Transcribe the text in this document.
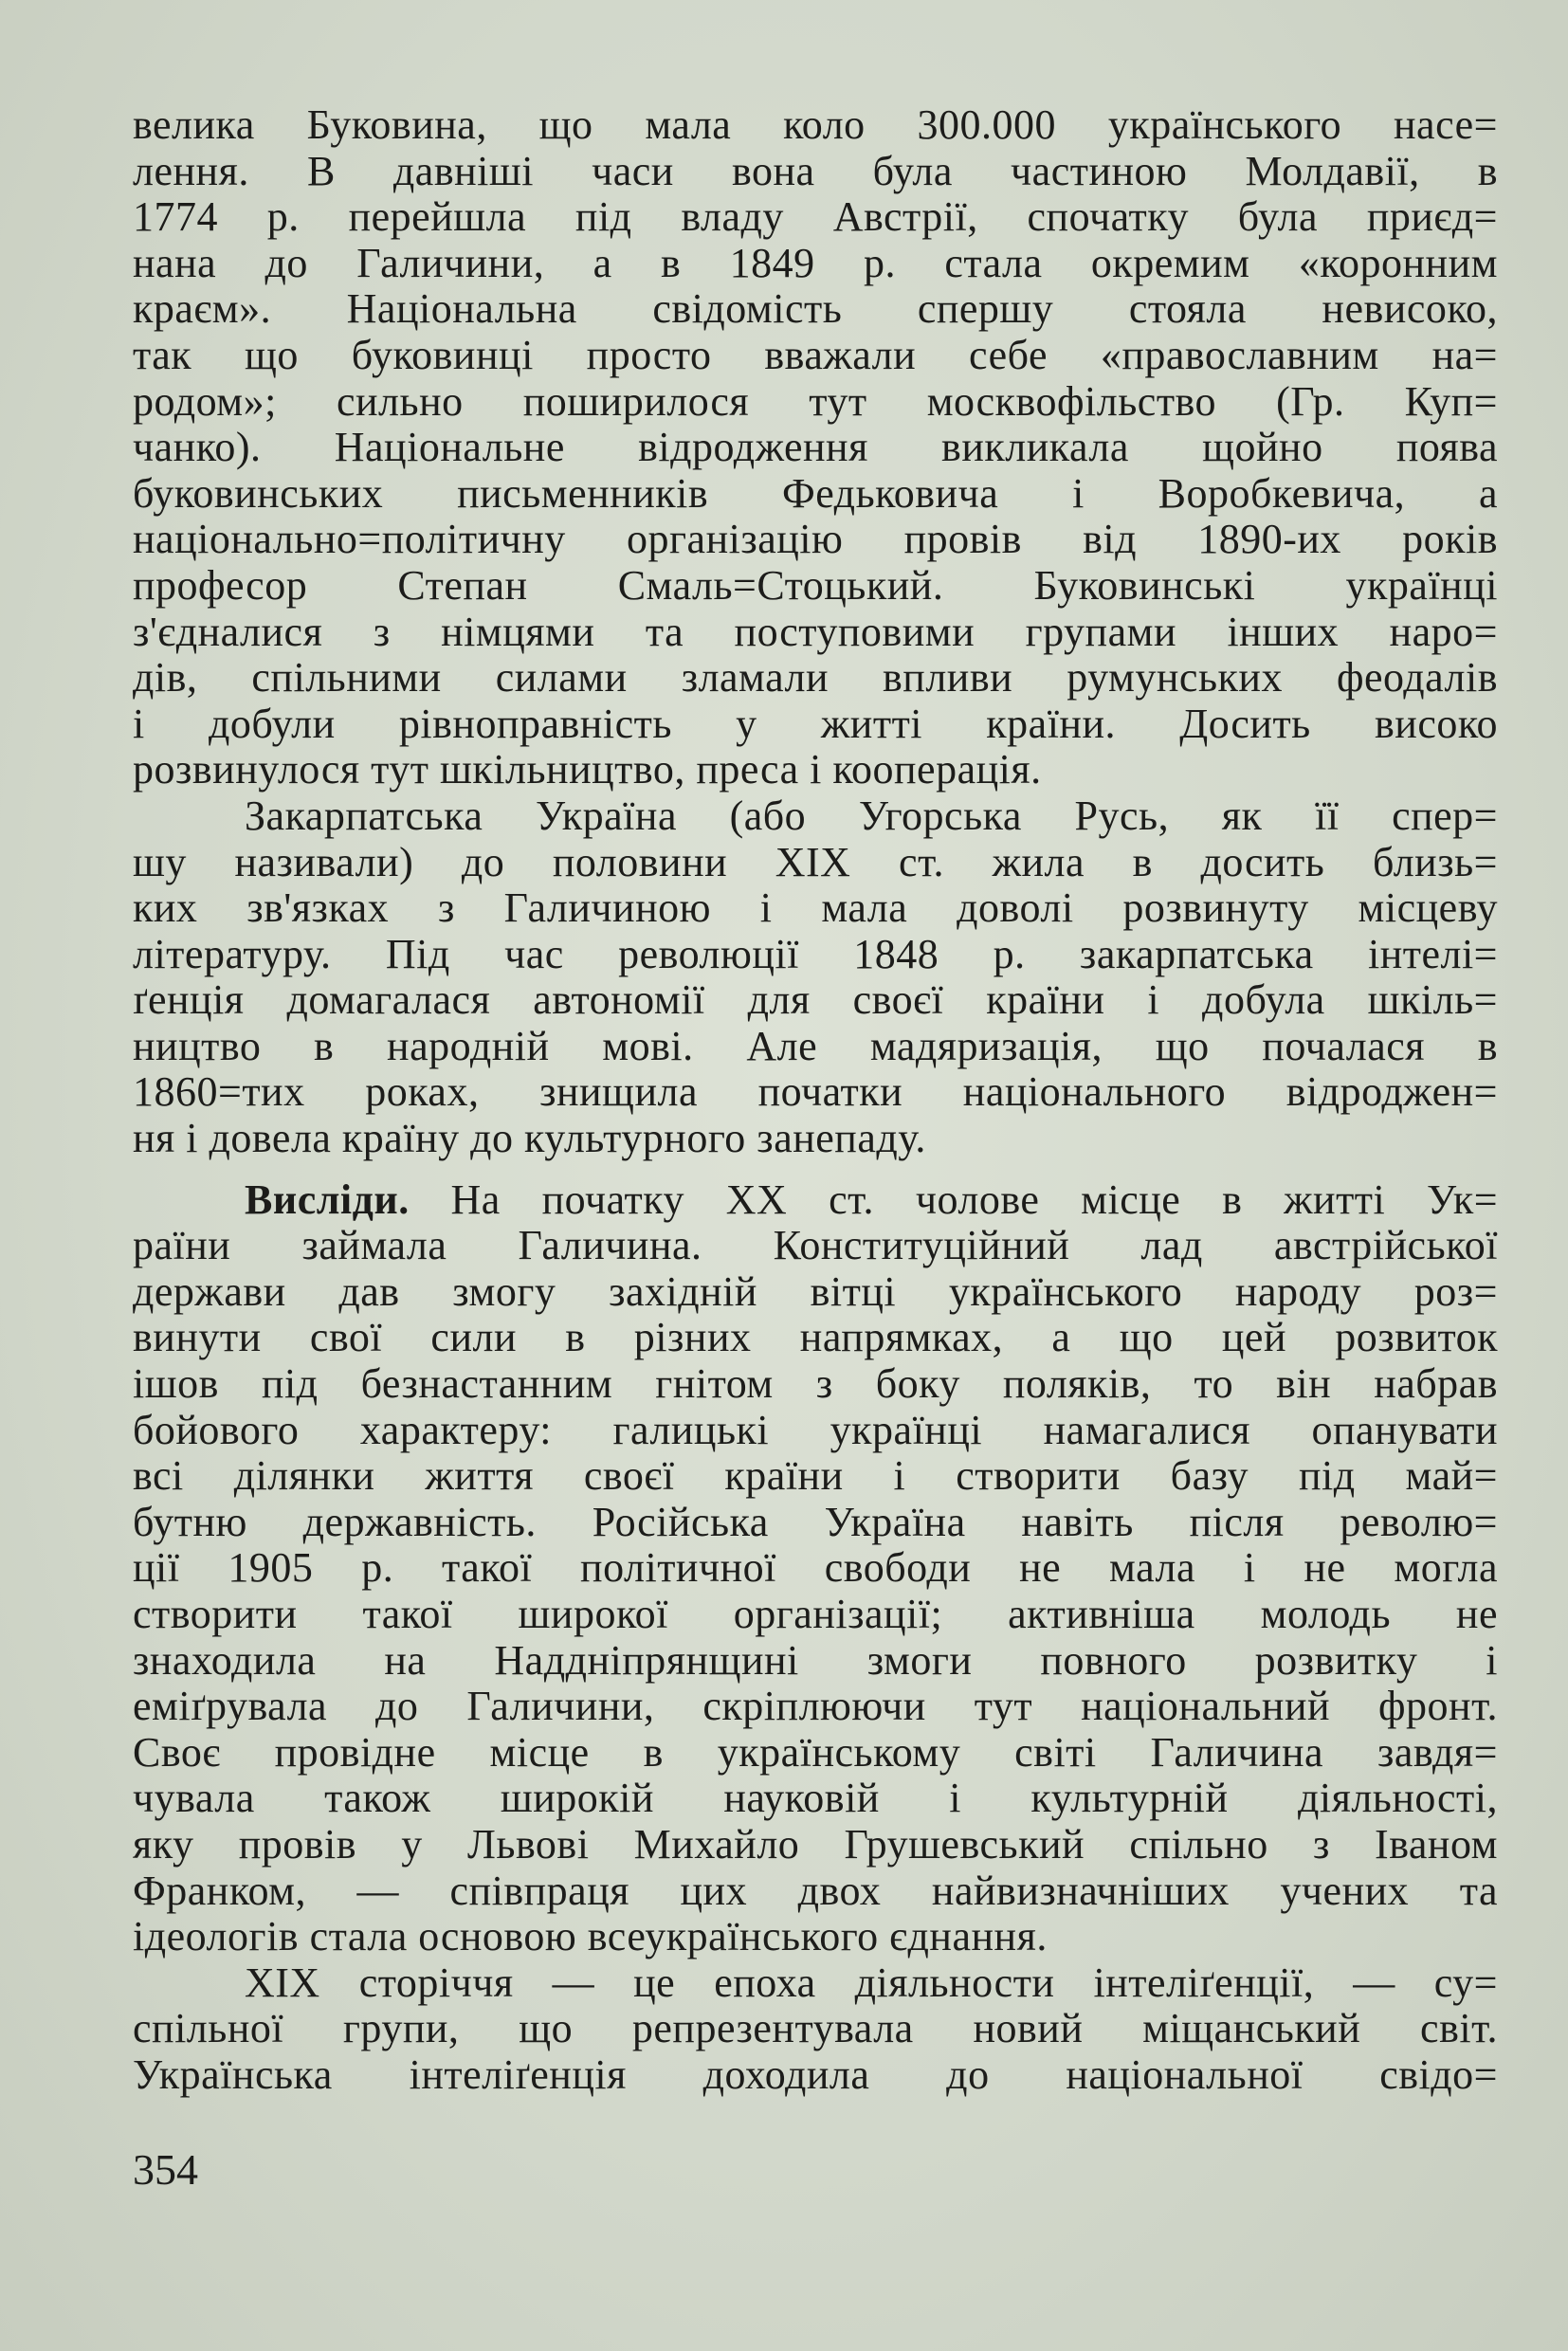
велика Буковина, що мала коло 300.000 українського насе=
лення. В давніші часи вона була частиною Молдавії, в
1774 р. перейшла під владу Австрії, спочатку була приєд=
нана до Галичини, а в 1849 р. стала окремим «коронним
краєм». Національна свідомість спершу стояла невисоко,
так що буковинці просто вважали себе «православним на=
родом»; сильно поширилося тут москвофільство (Гр. Куп=
чанко). Національне відродження викликала щойно поява
буковинських письменників Федьковича і Воробкевича, а
національно=політичну організацію провів від 1890-их років
професор Степан Смаль=Стоцький. Буковинські українці
з'єдналися з німцями та поступовими групами інших наро=
дів, спільними силами зламали впливи румунських феодалів
і добули рівноправність у житті країни. Досить високо
розвинулося тут шкільництво, преса і кооперація.
Закарпатська Україна (або Угорська Русь, як її спер=
шу називали) до половини XIX ст. жила в досить близь=
ких зв'язках з Галичиною і мала доволі розвинуту місцеву
літературу. Під час революції 1848 р. закарпатська інтелі=
ґенція домагалася автономії для своєї країни і добула шкіль=
ництво в народній мові. Але мадяризація, що почалася в
1860=тих роках, знищила початки національного відроджен=
ня і довела країну до культурного занепаду.
Висліди. На початку XX ст. чолове місце в житті Ук=
раїни займала Галичина. Конституційний лад австрійської
держави дав змогу західній вітці українського народу роз=
винути свої сили в різних напрямках, а що цей розвиток
ішов під безнастанним гнітом з боку поляків, то він набрав
бойового характеру: галицькі українці намагалися опанувати
всі ділянки життя своєї країни і створити базу під май=
бутню державність. Російська Україна навіть після револю=
ції 1905 р. такої політичної свободи не мала і не могла
створити такої широкої організації; активніша молодь не
знаходила на Наддніпрянщині змоги повного розвитку і
еміґрувала до Галичини, скріплюючи тут національний фронт.
Своє провідне місце в українському світі Галичина завдя=
чувала також широкій науковій і культурній діяльності,
яку провів у Львові Михайло Грушевський спільно з Іваном
Франком, — співпраця цих двох найвизначніших учених та
ідеологів стала основою всеукраїнського єднання.
XIX сторіччя — це епоха діяльности інтеліґенції, — су=
спільної групи, що репрезентувала новий міщанський світ.
Українська інтеліґенція доходила до національної свідо=
354
